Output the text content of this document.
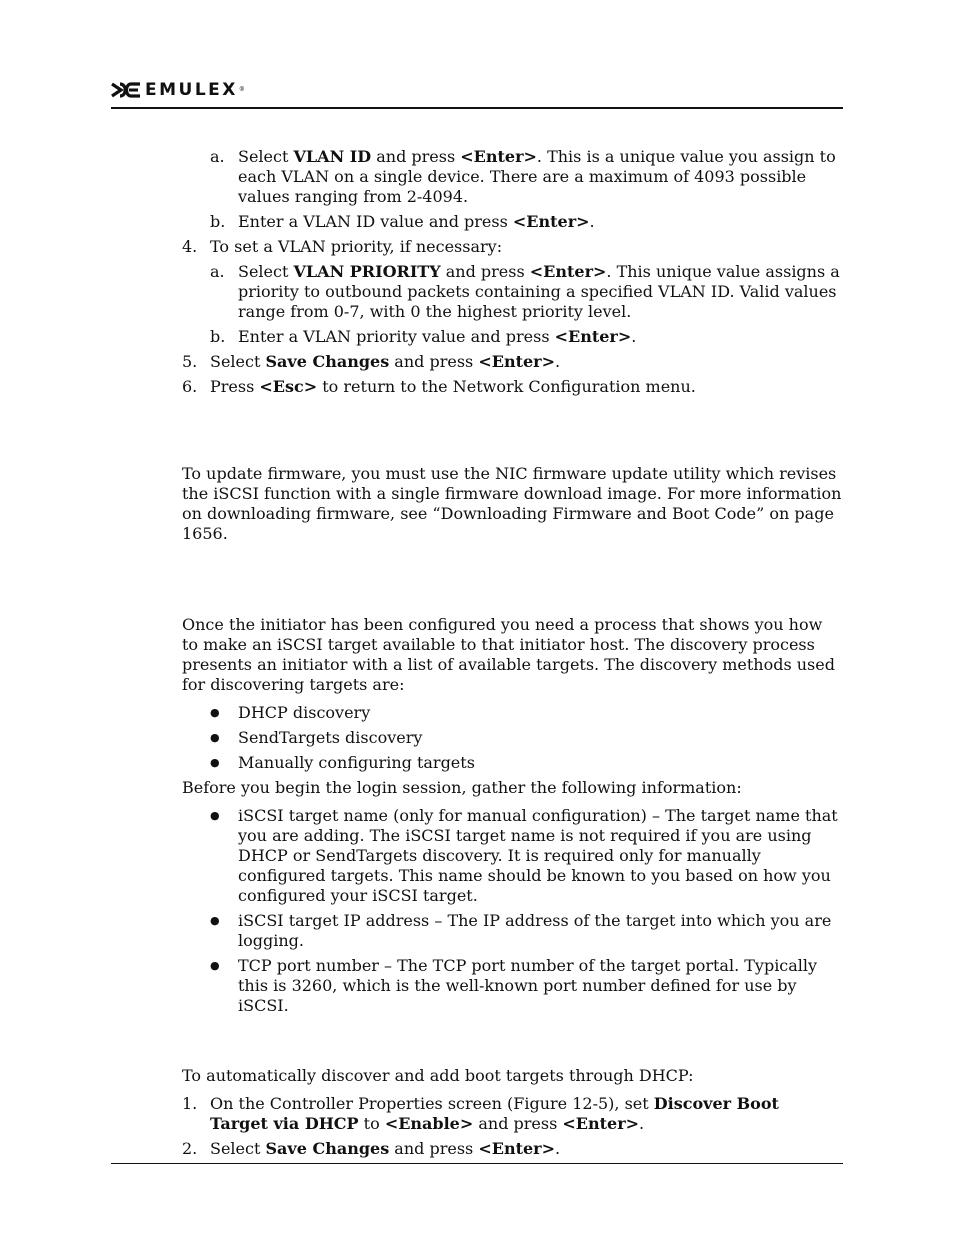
EMULEX ®
a. Select VLAN ID and press <Enter>. This is a unique value you assign to each VLAN on a single device. There are a maximum of 4093 possible values ranging from 2-4094.
b. Enter a VLAN ID value and press <Enter>.
4. To set a VLAN priority, if necessary:
a. Select VLAN PRIORITY and press <Enter>. This unique value assigns a priority to outbound packets containing a specified VLAN ID. Valid values range from 0-7, with 0 the highest priority level.
b. Enter a VLAN priority value and press <Enter>.
5. Select Save Changes and press <Enter>.
6. Press <Esc> to return to the Network Configuration menu.

To update firmware, you must use the NIC firmware update utility which revises the iSCSI function with a single firmware download image. For more information on downloading firmware, see “Downloading Firmware and Boot Code” on page 1656.

Once the initiator has been configured you need a process that shows you how to make an iSCSI target available to that initiator host. The discovery process presents an initiator with a list of available targets. The discovery methods used for discovering targets are:

● DHCP discovery
● SendTargets discovery
● Manually configuring targets

Before you begin the login session, gather the following information:

● iSCSI target name (only for manual configuration) – The target name that you are adding. The iSCSI target name is not required if you are using DHCP or SendTargets discovery. It is required only for manually configured targets. This name should be known to you based on how you configured your iSCSI target.
● iSCSI target IP address – The IP address of the target into which you are logging.
● TCP port number – The TCP port number of the target portal. Typically this is 3260, which is the well-known port number defined for use by iSCSI.

To automatically discover and add boot targets through DHCP:

1. On the Controller Properties screen (Figure 12-5), set Discover Boot Target via DHCP to <Enable> and press <Enter>.
2. Select Save Changes and press <Enter>.
